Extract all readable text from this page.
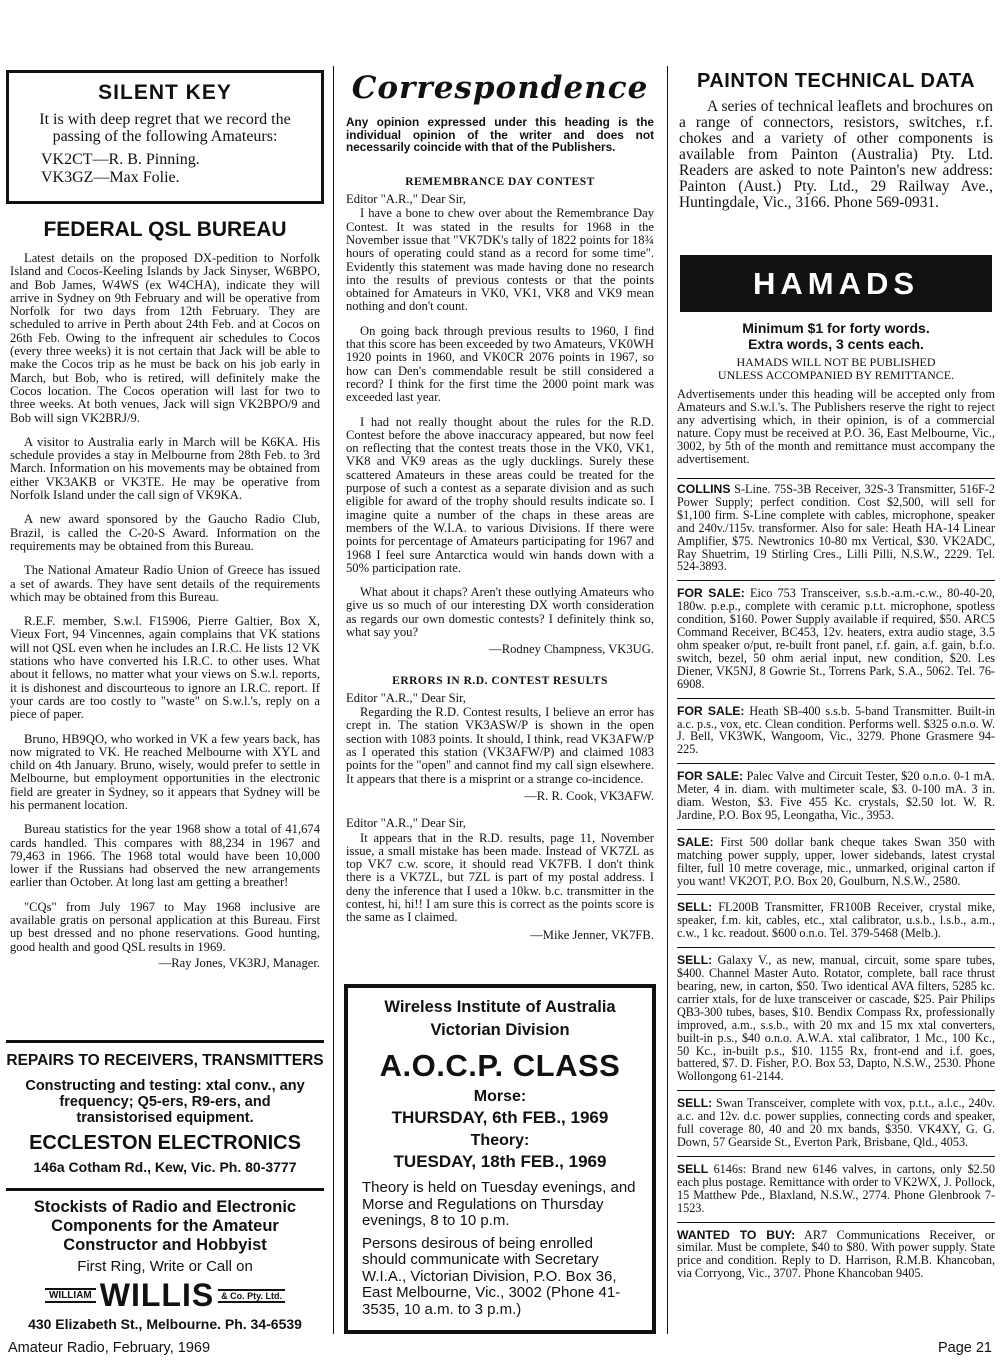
SILENT KEY

It is with deep regret that we record the passing of the following Amateurs:

VK2CT—R. B. Pinning.

VK3GZ—Max Folie.

FEDERAL QSL BUREAU

Latest details on the proposed DX-pedition to Norfolk Island and Cocos-Keeling Islands by Jack Sinyser, W6BPO, and Bob James, W4WS (ex W4CHA), indicate they will arrive in Sydney on 9th February and will be operative from Norfolk for two days from 12th February. They are scheduled to arrive in Perth about 24th Feb. and at Cocos on 26th Feb. Owing to the infrequent air schedules to Cocos (every three weeks) it is not certain that Jack will be able to make the Cocos trip as he must be back on his job early in March, but Bob, who is retired, will definitely make the Cocos location. The Cocos operation will last for two to three weeks. At both venues, Jack will sign VK2BPO/9 and Bob will sign VK2BRJ/9.

A visitor to Australia early in March will be K6KA. His schedule provides a stay in Melbourne from 28th Feb. to 3rd March. Information on his movements may be obtained from either VK3AKB or VK3TE. He may be operative from Norfolk Island under the call sign of VK9KA.

A new award sponsored by the Gaucho Radio Club, Brazil, is called the C-20-S Award. Information on the requirements may be obtained from this Bureau.

The National Amateur Radio Union of Greece has issued a set of awards. They have sent details of the requirements which may be obtained from this Bureau.

R.E.F. member, S.w.l. F15906, Pierre Galtier, Box X, Vieux Fort, 94 Vincennes, again complains that VK stations will not QSL even when he includes an I.R.C. He lists 12 VK stations who have converted his I.R.C. to other uses. What about it fellows, no matter what your views on S.w.l. reports, it is dishonest and discourteous to ignore an I.R.C. report. If your cards are too costly to "waste" on S.w.l.'s, reply on a piece of paper.

Bruno, HB9QO, who worked in VK a few years back, has now migrated to VK. He reached Melbourne with XYL and child on 4th January. Bruno, wisely, would prefer to settle in Melbourne, but employment opportunities in the electronic field are greater in Sydney, so it appears that Sydney will be his permanent location.

Bureau statistics for the year 1968 show a total of 41,674 cards handled. This compares with 88,234 in 1967 and 79,463 in 1966. The 1968 total would have been 10,000 lower if the Russians had observed the new arrangements earlier than October. At long last am getting a breather!

"CQs" from July 1967 to May 1968 inclusive are available gratis on personal application at this Bureau. First up best dressed and no phone reservations. Good hunting, good health and good QSL results in 1969.

—Ray Jones, VK3RJ, Manager.
REPAIRS TO RECEIVERS, TRANSMITTERS
Constructing and testing: xtal conv., any frequency; Q5-ers, R9-ers, and transistorised equipment.
ECCLESTON ELECTRONICS
146a Cotham Rd., Kew, Vic. Ph. 80-3777
Stockists of Radio and Electronic Components for the Amateur Constructor and Hobbyist
First Ring, Write or Call on
WILLIAM WILLIS & Co. Pty. Ltd.
430 Elizabeth St., Melbourne. Ph. 34-6539
Correspondence

Any opinion expressed under this heading is the individual opinion of the writer and does not necessarily coincide with that of the Publishers.

REMEMBRANCE DAY CONTEST
Editor "A.R.," Dear Sir,

I have a bone to chew over about the Remembrance Day Contest. It was stated in the results for 1968 in the November issue that "VK7DK's tally of 1822 points for 18¾ hours of operating could stand as a record for some time". Evidently this statement was made having done no research into the results of previous contests or that the points obtained for Amateurs in VK0, VK1, VK8 and VK9 mean nothing and don't count.

On going back through previous results to 1960, I find that this score has been exceeded by two Amateurs, VK0WH 1920 points in 1960, and VK0CR 2076 points in 1967, so how can Den's commendable result be still considered a record? I think for the first time the 2000 point mark was exceeded last year.

I had not really thought about the rules for the R.D. Contest before the above inaccuracy appeared, but now feel on reflecting that the contest treats those in the VK0, VK1, VK8 and VK9 areas as the ugly ducklings. Surely these scattered Amateurs in these areas could be treated for the purpose of such a contest as a separate division and as such eligible for award of the trophy should results indicate so. I imagine quite a number of the chaps in these areas are members of the W.I.A. to various Divisions. If there were points for percentage of Amateurs participating for 1967 and 1968 I feel sure Antarctica would win hands down with a 50% participation rate.

What about it chaps? Aren't these outlying Amateurs who give us so much of our interesting DX worth consideration as regards our own domestic contests? I definitely think so, what say you?

—Rodney Champness, VK3UG.
ERRORS IN R.D. CONTEST RESULTS
Editor "A.R.," Dear Sir,

Regarding the R.D. Contest results, I believe an error has crept in. The station VK3ASW/P is shown in the open section with 1083 points. It should, I think, read VK3AFW/P as I operated this station (VK3AFW/P) and claimed 1083 points for the "open" and cannot find my call sign elsewhere. It appears that there is a misprint or a strange co-incidence.

—R. R. Cook, VK3AFW.
Editor "A.R.," Dear Sir,

It appears that in the R.D. results, page 11, November issue, a small mistake has been made. Instead of VK7ZL as top VK7 c.w. score, it should read VK7FB. I don't think there is a VK7ZL, but 7ZL is part of my postal address. I deny the inference that I used a 10kw. b.c. transmitter in the contest, hi, hi!! I am sure this is correct as the points score is the same as I claimed.

—Mike Jenner, VK7FB.
Wireless Institute of Australia
Victorian Division
A.O.C.P. CLASS
Morse:
THURSDAY, 6th FEB., 1969
Theory:
TUESDAY, 18th FEB., 1969

Theory is held on Tuesday evenings, and Morse and Regulations on Thursday evenings, 8 to 10 p.m.

Persons desirous of being enrolled should communicate with Secretary W.I.A., Victorian Division, P.O. Box 36, East Melbourne, Vic., 3002 (Phone 41-3535, 10 a.m. to 3 p.m.)

PAINTON TECHNICAL DATA

A series of technical leaflets and brochures on a range of connectors, resistors, switches, r.f. chokes and a variety of other components is available from Painton (Australia) Pty. Ltd. Readers are asked to note Painton's new address: Painton (Aust.) Pty. Ltd., 29 Railway Ave., Huntingdale, Vic., 3166. Phone 569-0931.

HAMADS
Minimum $1 for forty words.
Extra words, 3 cents each.
HAMADS WILL NOT BE PUBLISHED UNLESS ACCOMPANIED BY REMITTANCE.

Advertisements under this heading will be accepted only from Amateurs and S.w.l.'s. The Publishers reserve the right to reject any advertising which, in their opinion, is of a commercial nature. Copy must be received at P.O. 36, East Melbourne, Vic., 3002, by 5th of the month and remittance must accompany the advertisement.

COLLINS S-Line. 75S-3B Receiver, 32S-3 Transmitter, 516F-2 Power Supply; perfect condition. Cost $2,500, will sell for $1,100 firm. S-Line complete with cables, microphone, speaker and 240v./115v. transformer. Also for sale: Heath HA-14 Linear Amplifier, $75. Newtronics 10-80 mx Vertical, $30. VK2ADC, Ray Shuetrim, 19 Stirling Cres., Lilli Pilli, N.S.W., 2229. Tel. 524-3893.

FOR SALE: Eico 753 Transceiver, s.s.b.-a.m.-c.w., 80-40-20, 180w. p.e.p., complete with ceramic p.t.t. microphone, spotless condition, $160. Power Supply available if required, $50. ARC5 Command Receiver, BC453, 12v. heaters, extra audio stage, 3.5 ohm speaker o/put, re-built front panel, r.f. gain, a.f. gain, b.f.o. switch, bezel, 50 ohm aerial input, new condition, $20. Les Diener, VK5NJ, 8 Gowrie St., Torrens Park, S.A., 5062. Tel. 76-6908.

FOR SALE: Heath SB-400 s.s.b. 5-band Transmitter. Built-in a.c. p.s., vox, etc. Clean condition. Performs well. $325 o.n.o. W. J. Bell, VK3WK, Wangoom, Vic., 3279. Phone Grasmere 94-225.

FOR SALE: Palec Valve and Circuit Tester, $20 o.n.o. 0-1 mA. Meter, 4 in. diam. with multimeter scale, $3. 0-100 mA. 3 in. diam. Weston, $3. Five 455 Kc. crystals, $2.50 lot. W. R. Jardine, P.O. Box 95, Leongatha, Vic., 3953.

SALE: First 500 dollar bank cheque takes Swan 350 with matching power supply, upper, lower sidebands, latest crystal filter, full 10 metre coverage, mic., unmarked, original carton if you want! VK2OT, P.O. Box 20, Goulburn, N.S.W., 2580.

SELL: FL200B Transmitter, FR100B Receiver, crystal mike, speaker, f.m. kit, cables, etc., xtal calibrator, u.s.b., l.s.b., a.m., c.w., 1 kc. readout. $600 o.n.o. Tel. 379-5468 (Melb.).

SELL: Galaxy V., as new, manual, circuit, some spare tubes, $400. Channel Master Auto. Rotator, complete, ball race thrust bearing, new, in carton, $50. Two identical AVA filters, 5285 kc. carrier xtals, for de luxe transceiver or cascade, $25. Pair Philips QB3-300 tubes, bases, $10. Bendix Compass Rx, professionally improved, a.m., s.s.b., with 20 mx and 15 mx xtal converters, built-in p.s., $40 o.n.o. A.W.A. xtal calibrator, 1 Mc., 100 Kc., 50 Kc., in-built p.s., $10. 1155 Rx, front-end and i.f. goes, battered, $7. D. Fisher, P.O. Box 53, Dapto, N.S.W., 2530. Phone Wollongong 61-2144.

SELL: Swan Transceiver, complete with vox, p.t.t., a.l.c., 240v. a.c. and 12v. d.c. power supplies, connecting cords and speaker, full coverage 80, 40 and 20 mx bands, $350. VK4XY, G. G. Down, 57 Gearside St., Everton Park, Brisbane, Qld., 4053.

SELL 6146s: Brand new 6146 valves, in cartons, only $2.50 each plus postage. Remittance with order to VK2WX, J. Pollock, 15 Matthew Pde., Blaxland, N.S.W., 2774. Phone Glenbrook 7-1523.

WANTED TO BUY: AR7 Communications Receiver, or similar. Must be complete, $40 to $80. With power supply. State price and condition. Reply to D. Harrison, R.M.B. Khancoban, via Corryong, Vic., 3707. Phone Khancoban 9405.

Amateur Radio, February, 1969	Page 21
